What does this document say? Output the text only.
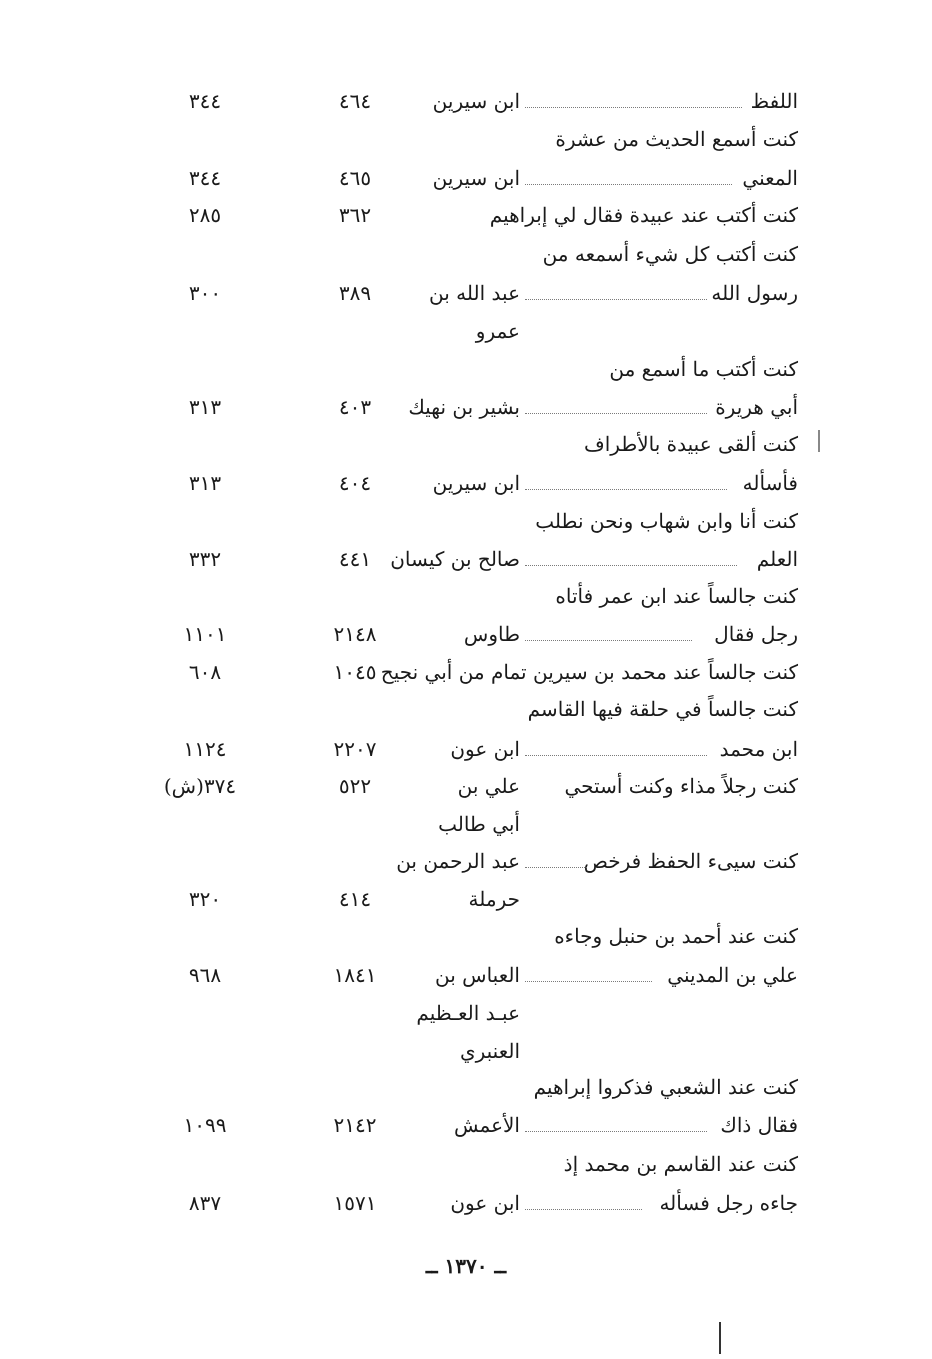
اللفظ
ابن سيرين
٤٦٤
٣٤٤
كنت أسمع الحديث من عشرة
المعني
ابن سيرين
٤٦٥
٣٤٤
كنت أكتب عند عبيدة فقال لي إبراهيم
٣٦٢
٢٨٥
كنت أكتب كل شيء أسمعه من
رسول الله
عبد الله بن
٣٨٩
٣٠٠
عمرو
كنت أكتب ما أسمع من
أبي هريرة
بشير بن نهيك
٤٠٣
٣١٣
كنت ألقى عبيدة بالأطراف
فأسأله
ابن سيرين
٤٠٤
٣١٣
كنت أنا وابن شهاب ونحن نطلب
العلم
صالح بن كيسان
٤٤١
٣٣٢
كنت جالساً عند ابن عمر فأتاه
رجل فقال
طاوس
٢١٤٨
١١٠١
كنت جالساً عند محمد بن سيرين تمام من أبي نجيح
١٠٤٥
٦٠٨
كنت جالساً في حلقة فيها القاسم
ابن محمد
ابن عون
٢٢٠٧
١١٢٤
كنت رجلاً مذاء وكنت أستحي
علي بن
٥٢٢
٣٧٤(ش)
أبي طالب
كنت سيىء الحفظ فرخص
عبد الرحمن بن
حرملة
٤١٤
٣٢٠
كنت عند أحمد بن حنبل وجاءه
علي بن المديني
العباس بن
١٨٤١
٩٦٨
عبـد العـظيم
العنبري
كنت عند الشعبي فذكروا إبراهيم
فقال ذاك
الأعمش
٢١٤٢
١٠٩٩
كنت عند القاسم بن محمد إذ
جاءه رجل فسأله
ابن عون
١٥٧١
٨٣٧
ــ ١٣٧٠ ــ
